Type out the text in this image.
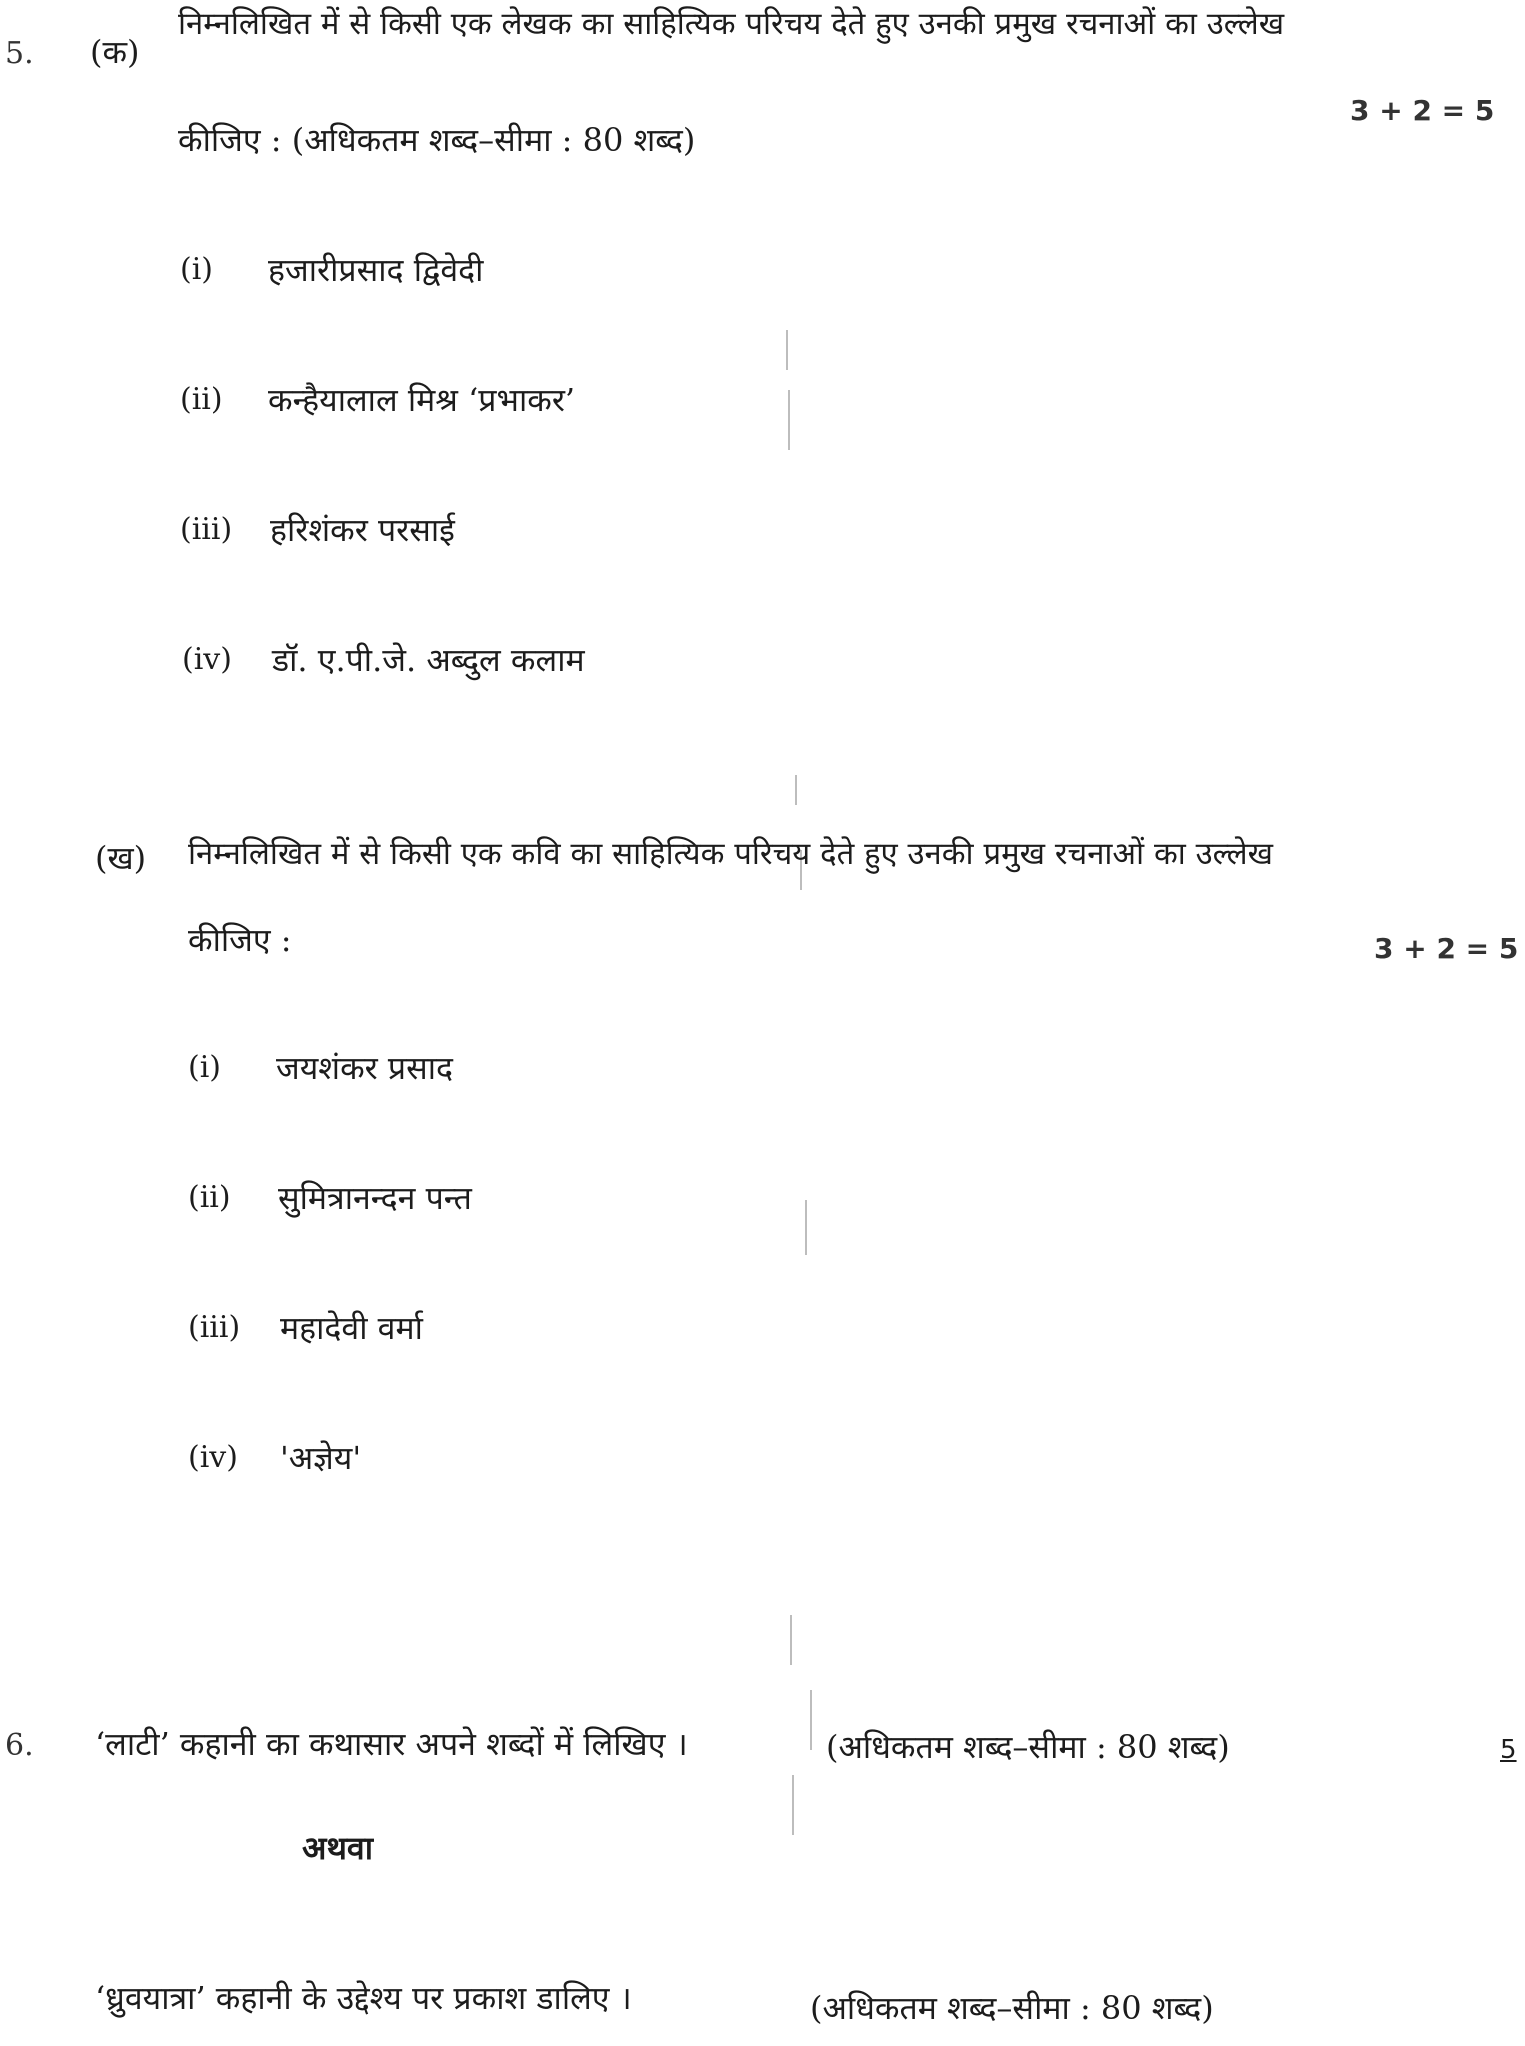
5. (क)
निम्नलिखित में से किसी एक लेखक का साहित्यिक परिचय देते हुए उनकी प्रमुख रचनाओं का उल्लेख
3 + 2 = 5
कीजिए : (अधिकतम शब्द–सीमा : 80 शब्द)
(i) हजारीप्रसाद द्विवेदी
(ii) कन्हैयालाल मिश्र ‘प्रभाकर’
(iii) हरिशंकर परसाई
(iv) डॉ. ए.पी.जे. अब्दुल कलाम
(ख) निम्नलिखित में से किसी एक कवि का साहित्यिक परिचय देते हुए उनकी प्रमुख रचनाओं का उल्लेख
कीजिए :	3 + 2 = 5
(i) जयशंकर प्रसाद
(ii) सुमित्रानन्दन पन्त
(iii) महादेवी वर्मा
(iv) 'अज्ञेय'
6. ‘लाटी’ कहानी का कथासार अपने शब्दों में लिखिए ।	(अधिकतम शब्द–सीमा : 80 शब्द)	5
अथवा
‘ध्रुवयात्रा’ कहानी के उद्देश्य पर प्रकाश डालिए ।	(अधिकतम शब्द–सीमा : 80 शब्द)
